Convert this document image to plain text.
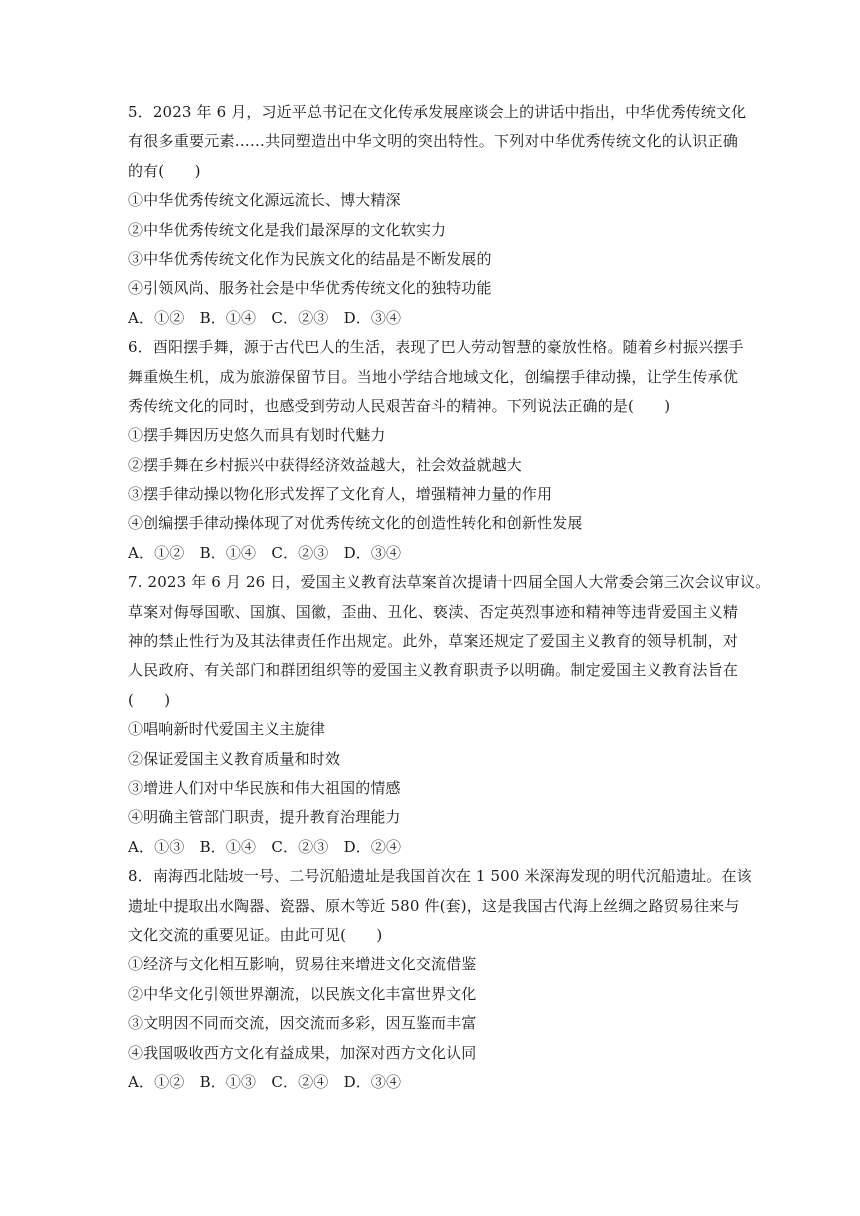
5．2023 年 6 月，习近平总书记在文化传承发展座谈会上的讲话中指出，中华优秀传统文化
有很多重要元素……共同塑造出中华文明的突出特性。下列对中华优秀传统文化的认识正确
的有(　　)
①中华优秀传统文化源远流长、博大精深
②中华优秀传统文化是我们最深厚的文化软实力
③中华优秀传统文化作为民族文化的结晶是不断发展的
④引领风尚、服务社会是中华优秀传统文化的独特功能
A．①②　B．①④　C．②③　D．③④
6．酉阳摆手舞，源于古代巴人的生活，表现了巴人劳动智慧的豪放性格。随着乡村振兴摆手
舞重焕生机，成为旅游保留节目。当地小学结合地域文化，创编摆手律动操，让学生传承优
秀传统文化的同时，也感受到劳动人民艰苦奋斗的精神。下列说法正确的是(　　)
①摆手舞因历史悠久而具有划时代魅力
②摆手舞在乡村振兴中获得经济效益越大，社会效益就越大
③摆手律动操以物化形式发挥了文化育人，增强精神力量的作用
④创编摆手律动操体现了对优秀传统文化的创造性转化和创新性发展
A．①②　B．①④　C．②③　D．③④
7. 2023 年 6 月 26 日，爱国主义教育法草案首次提请十四届全国人大常委会第三次会议审议。
草案对侮辱国歌、国旗、国徽，歪曲、丑化、亵渎、否定英烈事迹和精神等违背爱国主义精
神的禁止性行为及其法律责任作出规定。此外，草案还规定了爱国主义教育的领导机制，对
人民政府、有关部门和群团组织等的爱国主义教育职责予以明确。制定爱国主义教育法旨在
(　　)
①唱响新时代爱国主义主旋律
②保证爱国主义教育质量和时效
③增进人们对中华民族和伟大祖国的情感
④明确主管部门职责，提升教育治理能力
A．①③　B．①④　C．②③　D．②④
8．南海西北陆坡一号、二号沉船遗址是我国首次在 1 500 米深海发现的明代沉船遗址。在该
遗址中提取出水陶器、瓷器、原木等近 580 件(套)，这是我国古代海上丝绸之路贸易往来与
文化交流的重要见证。由此可见(　　)
①经济与文化相互影响，贸易往来增进文化交流借鉴
②中华文化引领世界潮流，以民族文化丰富世界文化
③文明因不同而交流，因交流而多彩，因互鉴而丰富
④我国吸收西方文化有益成果，加深对西方文化认同
A．①②　B．①③　C．②④　D．③④
